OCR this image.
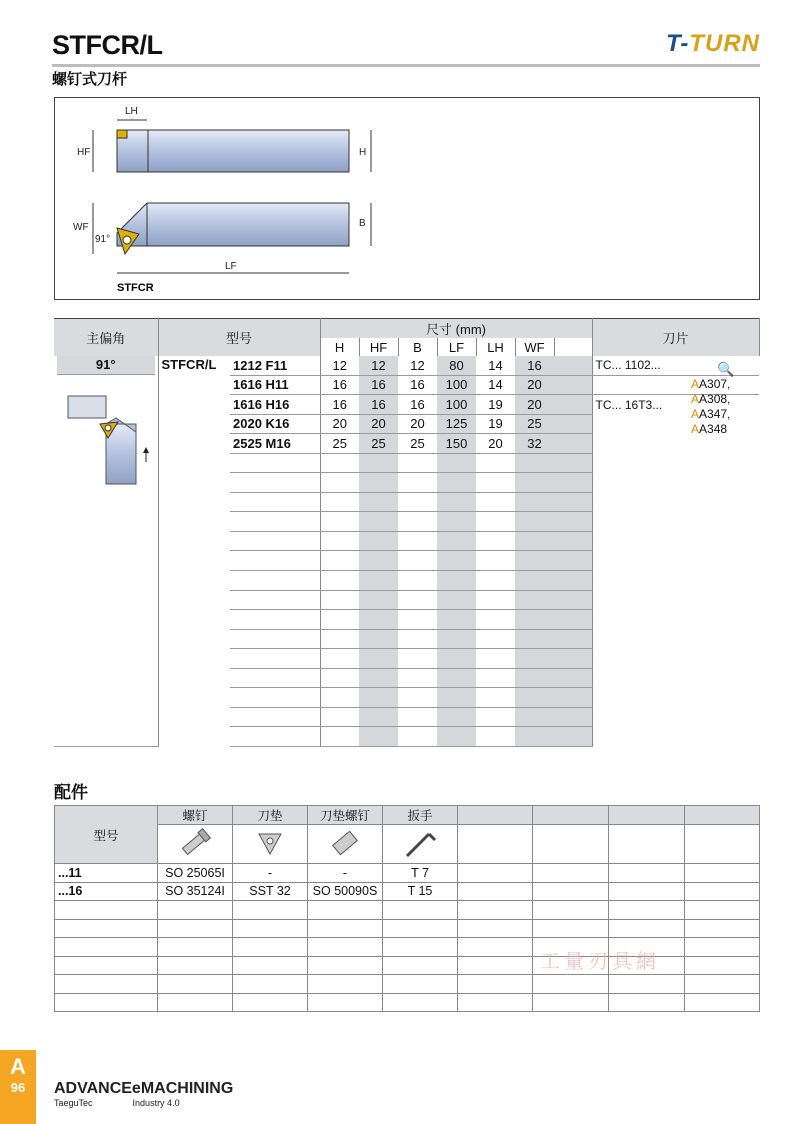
STFCR/L
螺钉式刀杆
T-TURN
HF	H
LH
WF	B
91°
LF
STFCR
主偏角	型号		尺寸 (mm)							刀片
			H	HF	B	LF	LH	WF		

91°	STFCR/L	1212 F11	12	12	12	80	14	16		TC... 1102...
		1616 H11	16	16	16	100	14	20		
		1616 H16	16	16	16	100	19	20		TC... 16T3...
		2020 K16	20	20	20	125	19	25		
		2525 M16	25	25	25	150	20	32		

🔍
AA307, AA308,
AA347, AA348
配件
型号	螺钉	刀垫	刀垫螺钉	扳手				

...11	SO 25065I	-	-	T 7				
...16	SO 35124I	SST 32	SO 50090S	T 15				

工量刃具網
A
96	ADVANCEeMACHINING
TaeguTec	Industry 4.0
